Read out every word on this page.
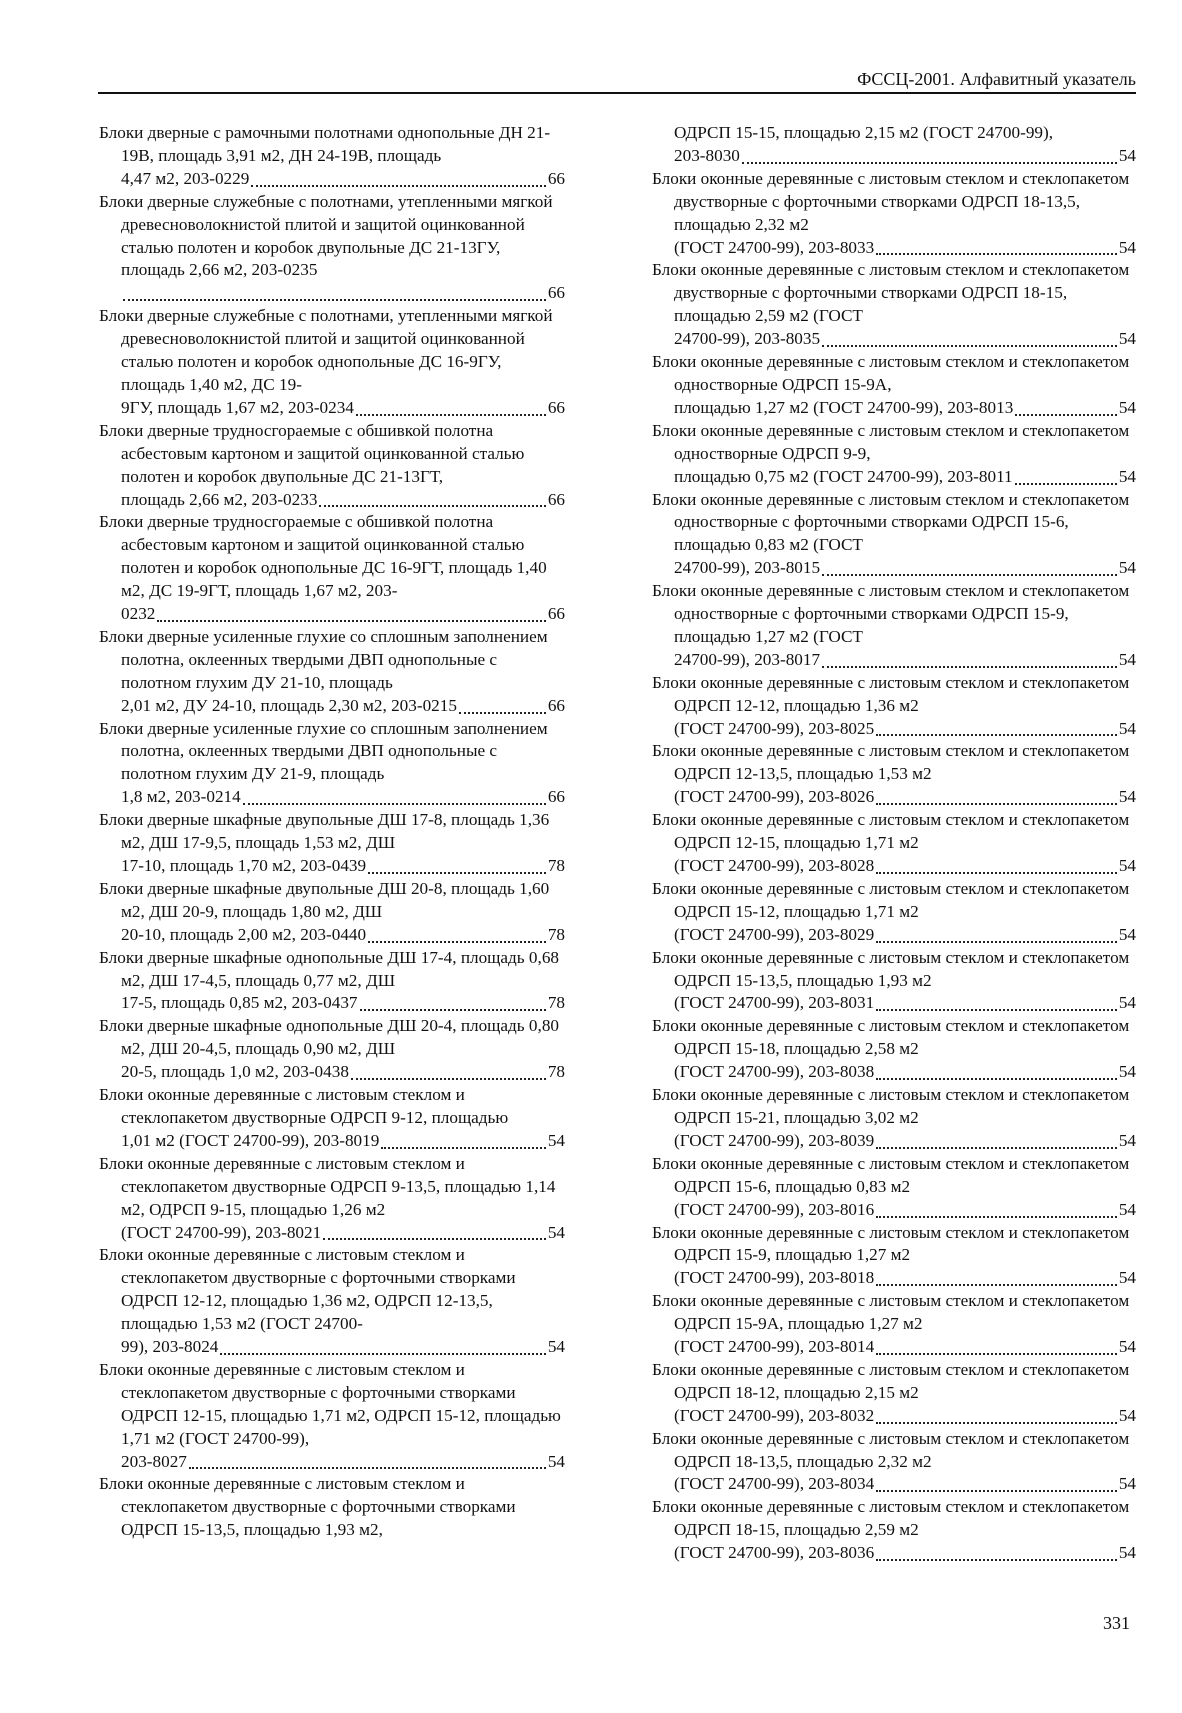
ФССЦ-2001. Алфавитный указатель

Блоки дверные с рамочными полотнами однопольные ДН 21-19В, площадь 3,91 м2, ДН 24-19В, площадь

4,47 м2, 203-0229	66

Блоки дверные служебные с полотнами, утепленными мягкой древесноволокнистой плитой и защитой оцинкованной сталью полотен и коробок двупольные ДС 21-13ГУ, площадь 2,66 м2, 203-0235

66

Блоки дверные служебные с полотнами, утепленными мягкой древесноволокнистой плитой и защитой оцинкованной сталью полотен и коробок однопольные ДС 16-9ГУ, площадь 1,40 м2, ДС 19-

9ГУ, площадь 1,67 м2, 203-0234	66

Блоки дверные трудносгораемые с обшивкой полотна асбестовым картоном и защитой оцинкованной сталью полотен и коробок двупольные ДС 21-13ГТ,

площадь 2,66 м2, 203-0233	66

Блоки дверные трудносгораемые с обшивкой полотна асбестовым картоном и защитой оцинкованной сталью полотен и коробок однопольные ДС 16-9ГТ, площадь 1,40 м2, ДС 19-9ГТ, площадь 1,67 м2, 203-

0232	66

Блоки дверные усиленные глухие со сплошным заполнением полотна, оклеенных твердыми ДВП однопольные с полотном глухим ДУ 21-10, площадь

2,01 м2, ДУ 24-10, площадь 2,30 м2, 203-0215	66

Блоки дверные усиленные глухие со сплошным заполнением полотна, оклеенных твердыми ДВП однопольные с полотном глухим ДУ 21-9, площадь

1,8 м2, 203-0214	66

Блоки дверные шкафные двупольные ДШ 17-8, площадь 1,36 м2, ДШ 17-9,5, площадь 1,53 м2, ДШ

17-10, площадь 1,70 м2, 203-0439	78

Блоки дверные шкафные двупольные ДШ 20-8, площадь 1,60 м2, ДШ 20-9, площадь 1,80 м2, ДШ

20-10, площадь 2,00 м2, 203-0440	78

Блоки дверные шкафные однопольные ДШ 17-4, площадь 0,68 м2, ДШ 17-4,5, площадь 0,77 м2, ДШ

17-5, площадь 0,85 м2, 203-0437	78

Блоки дверные шкафные однопольные ДШ 20-4, площадь 0,80 м2, ДШ 20-4,5, площадь 0,90 м2, ДШ

20-5, площадь 1,0 м2, 203-0438	78

Блоки оконные деревянные с листовым стеклом и стеклопакетом двустворные ОДРСП 9-12, площадью

1,01 м2 (ГОСТ 24700-99), 203-8019	54

Блоки оконные деревянные с листовым стеклом и стеклопакетом двустворные ОДРСП 9-13,5, площадью 1,14 м2, ОДРСП 9-15, площадью 1,26 м2

(ГОСТ 24700-99), 203-8021	54

Блоки оконные деревянные с листовым стеклом и стеклопакетом двустворные с форточными створками ОДРСП 12-12, площадью 1,36 м2, ОДРСП 12-13,5, площадью 1,53 м2 (ГОСТ 24700-

99), 203-8024	54

Блоки оконные деревянные с листовым стеклом и стеклопакетом двустворные с форточными створками ОДРСП 12-15, площадью 1,71 м2, ОДРСП 15-12, площадью 1,71 м2 (ГОСТ 24700-99),

203-8027	54

Блоки оконные деревянные с листовым стеклом и стеклопакетом двустворные с форточными створками ОДРСП 15-13,5, площадью 1,93 м2,

ОДРСП 15-15, площадью 2,15 м2 (ГОСТ 24700-99),

203-8030	54

Блоки оконные деревянные с листовым стеклом и стеклопакетом двустворные с форточными створками ОДРСП 18-13,5, площадью 2,32 м2

(ГОСТ 24700-99), 203-8033	54

Блоки оконные деревянные с листовым стеклом и стеклопакетом двустворные с форточными створками ОДРСП 18-15, площадью 2,59 м2 (ГОСТ

24700-99), 203-8035	54

Блоки оконные деревянные с листовым стеклом и стеклопакетом одностворные ОДРСП 15-9А,

площадью 1,27 м2 (ГОСТ 24700-99), 203-8013	54

Блоки оконные деревянные с листовым стеклом и стеклопакетом одностворные ОДРСП 9-9,

площадью 0,75 м2 (ГОСТ 24700-99), 203-8011	54

Блоки оконные деревянные с листовым стеклом и стеклопакетом одностворные с форточными створками ОДРСП 15-6, площадью 0,83 м2 (ГОСТ

24700-99), 203-8015	54

Блоки оконные деревянные с листовым стеклом и стеклопакетом одностворные с форточными створками ОДРСП 15-9, площадью 1,27 м2 (ГОСТ

24700-99), 203-8017	54

Блоки оконные деревянные с листовым стеклом и стеклопакетом ОДРСП 12-12, площадью 1,36 м2

(ГОСТ 24700-99), 203-8025	54

Блоки оконные деревянные с листовым стеклом и стеклопакетом ОДРСП 12-13,5, площадью 1,53 м2

(ГОСТ 24700-99), 203-8026	54

Блоки оконные деревянные с листовым стеклом и стеклопакетом ОДРСП 12-15, площадью 1,71 м2

(ГОСТ 24700-99), 203-8028	54

Блоки оконные деревянные с листовым стеклом и стеклопакетом ОДРСП 15-12, площадью 1,71 м2

(ГОСТ 24700-99), 203-8029	54

Блоки оконные деревянные с листовым стеклом и стеклопакетом ОДРСП 15-13,5, площадью 1,93 м2

(ГОСТ 24700-99), 203-8031	54

Блоки оконные деревянные с листовым стеклом и стеклопакетом ОДРСП 15-18, площадью 2,58 м2

(ГОСТ 24700-99), 203-8038	54

Блоки оконные деревянные с листовым стеклом и стеклопакетом ОДРСП 15-21, площадью 3,02 м2

(ГОСТ 24700-99), 203-8039	54

Блоки оконные деревянные с листовым стеклом и стеклопакетом ОДРСП 15-6, площадью 0,83 м2

(ГОСТ 24700-99), 203-8016	54

Блоки оконные деревянные с листовым стеклом и стеклопакетом ОДРСП 15-9, площадью 1,27 м2

(ГОСТ 24700-99), 203-8018	54

Блоки оконные деревянные с листовым стеклом и стеклопакетом ОДРСП 15-9А, площадью 1,27 м2

(ГОСТ 24700-99), 203-8014	54

Блоки оконные деревянные с листовым стеклом и стеклопакетом ОДРСП 18-12, площадью 2,15 м2

(ГОСТ 24700-99), 203-8032	54

Блоки оконные деревянные с листовым стеклом и стеклопакетом ОДРСП 18-13,5, площадью 2,32 м2

(ГОСТ 24700-99), 203-8034	54

Блоки оконные деревянные с листовым стеклом и стеклопакетом ОДРСП 18-15, площадью 2,59 м2

(ГОСТ 24700-99), 203-8036	54
331
